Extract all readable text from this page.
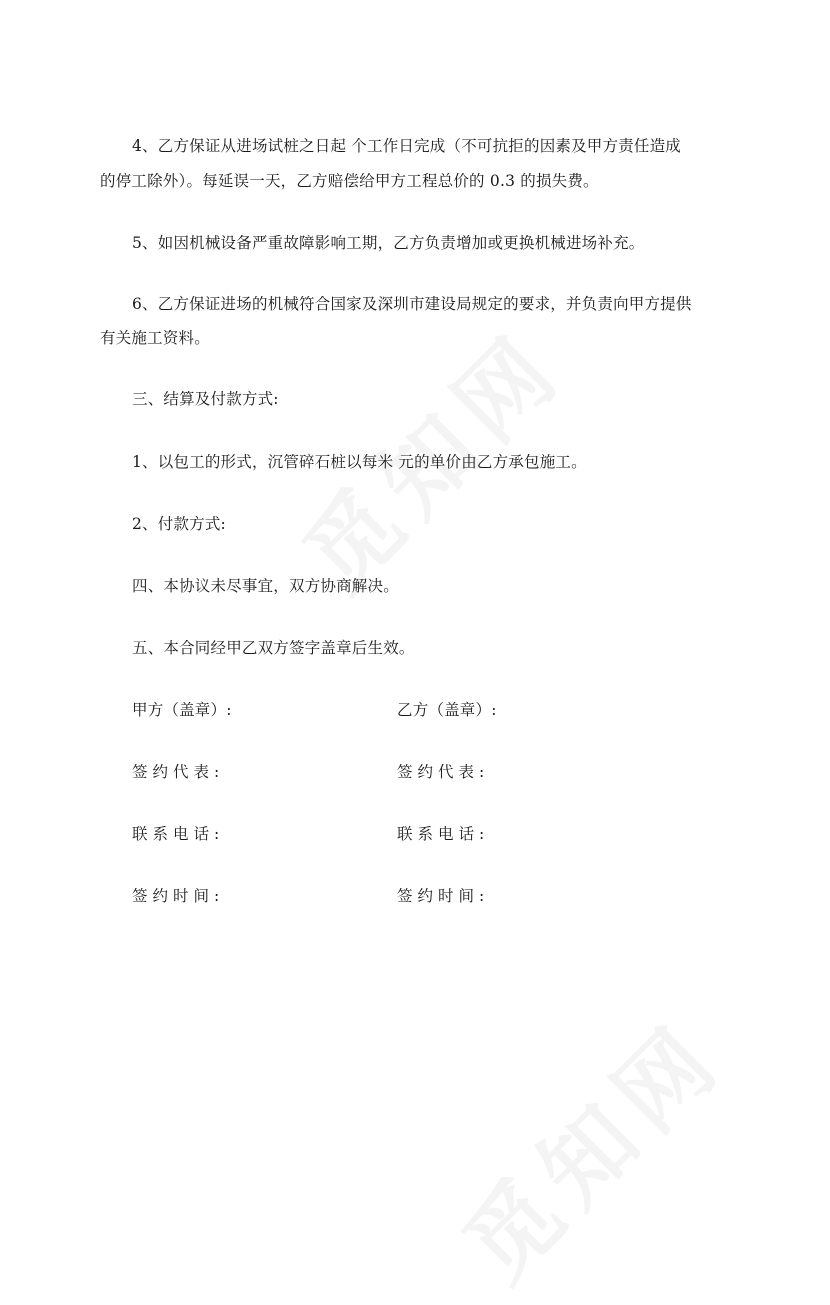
4、乙方保证从进场试桩之日起 个工作日完成（不可抗拒的因素及甲方责任造成
的停工除外）。每延误一天，乙方赔偿给甲方工程总价的 0.3 的损失费。
5、如因机械设备严重故障影响工期，乙方负责增加或更换机械进场补充。
6、乙方保证进场的机械符合国家及深圳市建设局规定的要求，并负责向甲方提供
有关施工资料。
三、结算及付款方式:
1、以包工的形式，沉管碎石桩以每米 元的单价由乙方承包施工。
2、付款方式:
四、本协议未尽事宜，双方协商解决。
五、本合同经甲乙双方签字盖章后生效。
甲方（盖章）:	乙方（盖章）:
签约代表:	签约代表:
联系电话:	联系电话:
签约时间:	签约时间:
